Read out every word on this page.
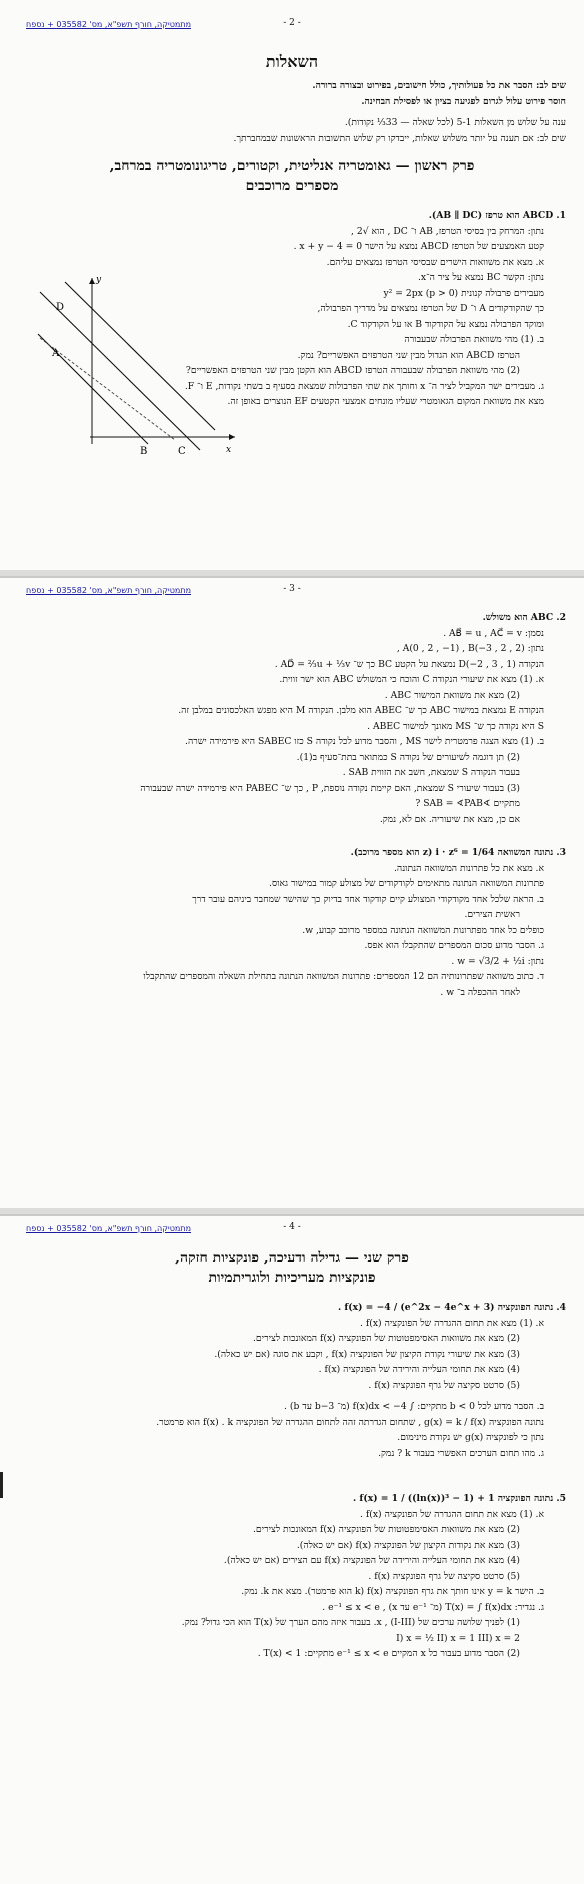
מתמטיקה, חורף תשפ"א, מס' 035582 + נספח	- 2 -
השאלות
שים לב: הסבר את כל פעולותיך, כולל חישובים, בפירוט ובצורה ברורה.
חוסר פירוט עלול לגרום לפגיעה בציון או לפסילת הבחינה.
ענה על שלוש מן השאלות 5-1 (לכל שאלה — 33⅓ נקודות).
שים לב: אם תענה על יותר משלוש שאלות, ייבדקו רק שלוש התשובות הראשונות שבמחברתך.
פרק ראשון — גאומטריה אנליטית, וקטורים, טריגונומטריה במרחב,
מספרים מרוכבים
1. ABCD הוא טרפז (AB ∥ DC).
נתון: המרחק בין בסיסי הטרפז, AB ו־ DC , הוא √2 ,
קטע האמצעים של הטרפז ABCD נמצא על הישר x + y − 4 = 0 .
א. מצא את משוואות הישרים שבסיסי הטרפז נמצאים עליהם.
נתון: הקשר BC נמצא על ציר ה־x.
מעבירים פרבולה קנונית y² = 2px (p > 0)
כך שהקודקודים A ו־ D של הטרפז נמצאים על מדריך הפרבולה,
ומוקד הפרבולה נמצא על הקודקוד B או על הקודקוד C.
ב. (1) מהי משוואת הפרבולה שבעבורה
הטרפז ABCD הוא הגדול מבין שני הטרפזים האפשריים? נמק.
(2) מהי משוואת הפרבולה שבעבורה הטרפז ABCD הוא הקטן מבין שני הטרפזים האפשריים?
ג. מעבירים ישר המקביל לציר ה־ x וחותך את שתי הפרבולות שמצאת בסעיף ב בשתי נקודות, E ו־ F.
מצא את משוואת המקום הגאומטרי שעליו מונחים אמצעי הקטעים EF הנוצרים באופן זה.
D
A
B	C	x
y
מתמטיקה, חורף תשפ"א, מס' 035582 + נספח	- 3 -
2. ABC הוא משולש.
נסמן: AB⃗ = u , AC⃗ = v .
נתון: A(0 , 2 , −1) , B(−3 , 2 , 2) ,
הנקודה D(−2 , 3 , 1) נמצאת על הקטע BC כך ש־ AD⃗ = ⅔u + ⅓v .
א. (1) מצא את שיעורי הנקודה C והוכח כי המשולש ABC הוא ישר זווית.
(2) מצא את משוואת המישור ABC .
הנקודה E נמצאת במישור ABC כך ש־ ABEC הוא מלבן. הנקודה M היא מפגש האלכסונים במלבן זה.
S היא נקודה כך ש־ MS מאונך למישור ABEC .
ב. (1) מצא הצגה פרמטרית לישר MS , והסבר מדוע לכל נקודה S כזו SABEC היא פירמידה ישרה.
(2) תן דוגמה לשיעורים של נקודה S כמתואר בתת־סעיף ב(1).
בעבור הנקודה S שמצאת, חשב את הזווית SAB .
(3) בעבור שיעורי S שמצאת, האם קיימת נקודה נוספת, P , כך ש־ PABEC היא פירמידה ישרה שבעבורה
מתקיים ∢SAB = ∢PAB ?
אם כן, מצא את שיעוריה. אם לא, נמק.
3. נתונה המשוואה i · z⁶ = 1/64 (z הוא מספר מרוכב).
א. מצא את כל פתרונות המשוואה הנתונה.
פתרונות המשוואה הנתונה מתאימים לקודקודים של מצולע קמור במישור גאוס.
ב. הראה שלכל אחד מקודקודי המצולע קיים קודקוד אחד בדיוק כך שהישר שמחבר ביניהם עובר דרך
ראשית הצירים.
כופלים כל אחד מפתרונות המשוואה הנתונה במספר מרוכב קבוע, w.
ג. הסבר מדוע סכום המספרים שהתקבלו הוא אפס.
נתון: w = √3/2 + ½i .
ד. כתוב משוואה שפתרונותיה הם 12 המספרים: פתרונות המשוואה הנתונה בתחילת השאלה והמספרים שהתקבלו
לאחר ההכפלה ב־ w .
מתמטיקה, חורף תשפ"א, מס' 035582 + נספח	- 4 -
פרק שני — גדילה ודעיכה, פונקציות חזקה,
פונקציות מעריכיות ולוגריתמיות
4. נתונה הפונקציה f(x) = −4 / (e^2x − 4e^x + 3) .
א. (1) מצא את תחום ההגדרה של הפונקציה f(x) .
(2) מצא את משוואות האסימפטוטות של הפונקציה f(x) המאונכות לצירים.
(3) מצא את שיעורי נקודת הקיצון של הפונקציה f(x) , וקבע את סוגה (אם יש כאלה).
(4) מצא את תחומי העלייה והירידה של הפונקציה f(x) .
(5) סרטט סקיצה של גרף הפונקציה f(x) .
ב. הסבר מדוע לכל b < 0 מתקיים: ∫ f(x)dx < −4 (מ־ b−3 עד b) .
נתונה הפונקציה g(x) = k / f(x) , שתחום הגדרתה זהה לתחום ההגדרה של הפונקציה f(x) . k הוא פרמטר.
נתון כי לפונקציה g(x) יש נקודת מינימום.
ג. מהו תחום הערכים האפשרי בעבור k ? נמק.
5. נתונה הפונקציה f(x) = 1 / ((ln(x))³ − 1) + 1 .
א. (1) מצא את תחום ההגדרה של הפונקציה f(x) .
(2) מצא את משוואות האסימפטוטות של הפונקציה f(x) המאונכות לצירים.
(3) מצא את נקודות הקיצון של הפונקציה f(x) (אם יש כאלה).
(4) מצא את תחומי העלייה והירידה של הפונקציה f(x) עם הצירים (אם יש כאלה).
(5) סרטט סקיצה של גרף הפונקציה f(x) .
ב. הישר y = k אינו חותך את גרף הפונקציה f(x) (k הוא פרמטר). מצא את k. נמק.
ג. נגדיר: T(x) = ∫ f(x)dx (מ־ e⁻¹ עד x) , e⁻¹ ≤ x < e .
(1) לפניך שלושה ערכים של x , (I-III). בעבור איזה מהם הערך של T(x) הוא הכי גדול? נמק.
I) x = ½ II) x = 1 III) x = 2
(2) הסבר מדוע בעבור כל x המקיים e⁻¹ ≤ x < e מתקיים: T(x) < 1 .
